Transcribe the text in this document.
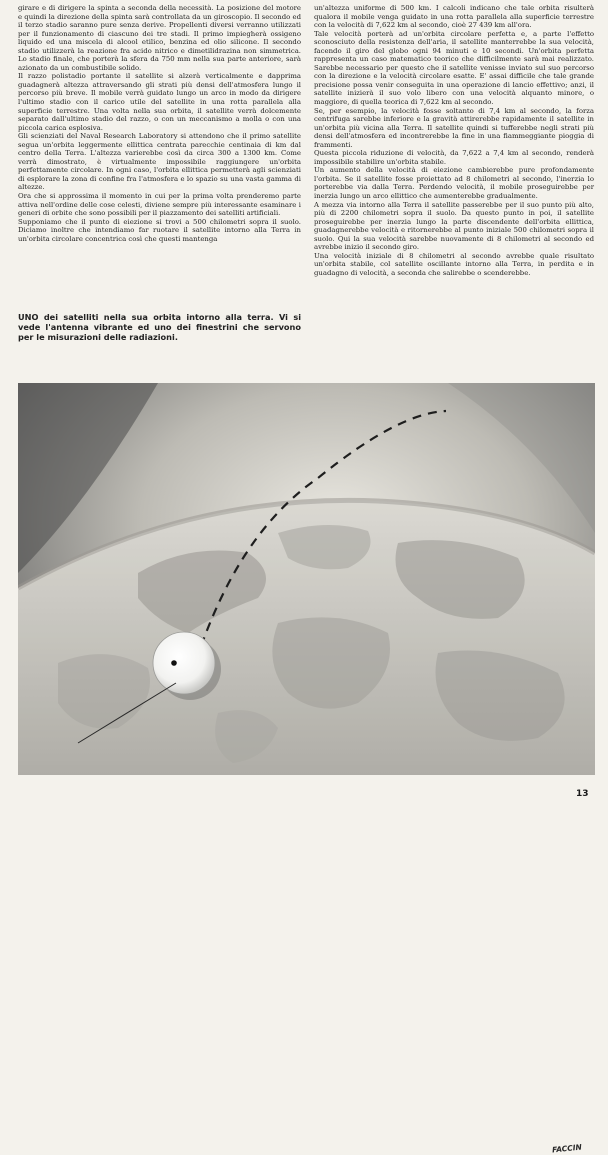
girare e di dirigere la spinta a seconda della necessità. La posizione del motore e quindi la direzione della spinta sarà controllata da un giroscopio. Il secondo ed il terzo stadio saranno pure senza derive. Propellenti diversi verranno utilizzati per il funzionamento di ciascuno dei tre stadi. Il primo impiegherà ossigeno liquido ed una miscela di alcool etilico, benzina ed olio silicone. Il secondo stadio utilizzerà la reazione fra acido nitrico e dimetilidrazina non simmetrica. Lo stadio finale, che porterà la sfera da 750 mm nella sua parte anteriore, sarà azionato da un combustibile solido.

Il razzo polistadio portante il satellite si alzerà verticalmente e dapprima guadagnerà altezza attraversando gli strati più densi dell'atmosfera lungo il percorso più breve. Il mobile verrà guidato lungo un arco in modo da dirigere l'ultimo stadio con il carico utile del satellite in una rotta parallela alla superficie terrestre. Una volta nella sua orbita, il satellite verrà dolcemente separato dall'ultimo stadio del razzo, o con un meccanismo a molla o con una piccola carica esplosiva.

Gli scienziati del Naval Research Laboratory si attendono che il primo satellite segua un'orbita leggermente ellittica centrata parecchie centinaia di km dal centro della Terra. L'altezza varierebbe così da circa 300 a 1300 km. Come verrà dimostrato, è virtualmente impossibile raggiungere un'orbita perfettamente circolare. In ogni caso, l'orbita ellittica permetterà agli scienziati di esplorare la zona di confine fra l'atmosfera e lo spazio su una vasta gamma di altezze.

Ora che si approssima il momento in cui per la prima volta prenderemo parte attiva nell'ordine delle cose celesti, diviene sempre più interessante esaminare i generi di orbite che sono possibili per il piazzamento dei satelliti artificiali.

Supponiamo che il punto di eiezione si trovi a 500 chilometri sopra il suolo. Diciamo inoltre che intendiamo far ruotare il satellite intorno alla Terra in un'orbita circolare concentrica così che questi mantenga

un'altezza uniforme di 500 km. I calcoli indicano che tale orbita risulterà qualora il mobile venga guidato in una rotta parallela alla superficie terrestre con la velocità di 7,622 km al secondo, cioè 27 439 km all'ora.

Tale velocità porterà ad un'orbita circolare perfetta e, a parte l'effetto sconosciuto della resistenza dell'aria, il satellite manterrebbe la sua velocità, facendo il giro del globo ogni 94 minuti e 10 secondi. Un'orbita perfetta rappresenta un caso matematico teorico che difficilmente sarà mai realizzato. Sarebbe necessario per questo che il satellite venisse inviato sul suo percorso con la direzione e la velocità circolare esatte. E' assai difficile che tale grande precisione possa venir conseguita in una operazione di lancio effettivo; anzi, il satellite inizierà il suo volo libero con una velocità alquanto minore, o maggiore, di quella teorica di 7,622 km al secondo.

Se, per esempio, la velocità fosse soltanto di 7,4 km al secondo, la forza centrifuga sarebbe inferiore e la gravità attirerebbe rapidamente il satellite in un'orbita più vicina alla Terra. Il satellite quindi si tufferebbe negli strati più densi dell'atmosfera ed incontrerebbe la fine in una fiammeggiante pioggia di frammenti.

Questa piccola riduzione di velocità, da 7,622 a 7,4 km al secondo, renderà impossibile stabilire un'orbita stabile.

Un aumento della velocità di eiezione cambierebbe pure profondamente l'orbita. Se il satellite fosse proiettato ad 8 chilometri al secondo, l'inerzia lo porterebbe via dalla Terra. Perdendo velocità, il mobile proseguirebbe per inerzia lungo un arco ellittico che aumenterebbe gradualmente.

A mezza via intorno alla Terra il satellite passerebbe per il suo punto più alto, più di 2200 chilometri sopra il suolo. Da questo punto in poi, il satellite proseguirebbe per inerzia lungo la parte discendente dell'orbita ellittica, guadagnerebbe velocità e ritornerebbe al punto iniziale 500 chilometri sopra il suolo. Qui la sua velocità sarebbe nuovamente di 8 chilometri al secondo ed avrebbe inizio il secondo giro.

Una velocità iniziale di 8 chilometri al secondo avrebbe quale risultato un'orbita stabile, col satellite oscillante intorno alla Terra, in perdita e in guadagno di velocità, a seconda che salirebbe o scenderebbe.

UNO dei satelliti nella sua orbita intorno alla terra. Vi si vede l'antenna vibrante ed uno dei finestrini che servono per le misurazioni delle radiazioni.
FACCIN
13
